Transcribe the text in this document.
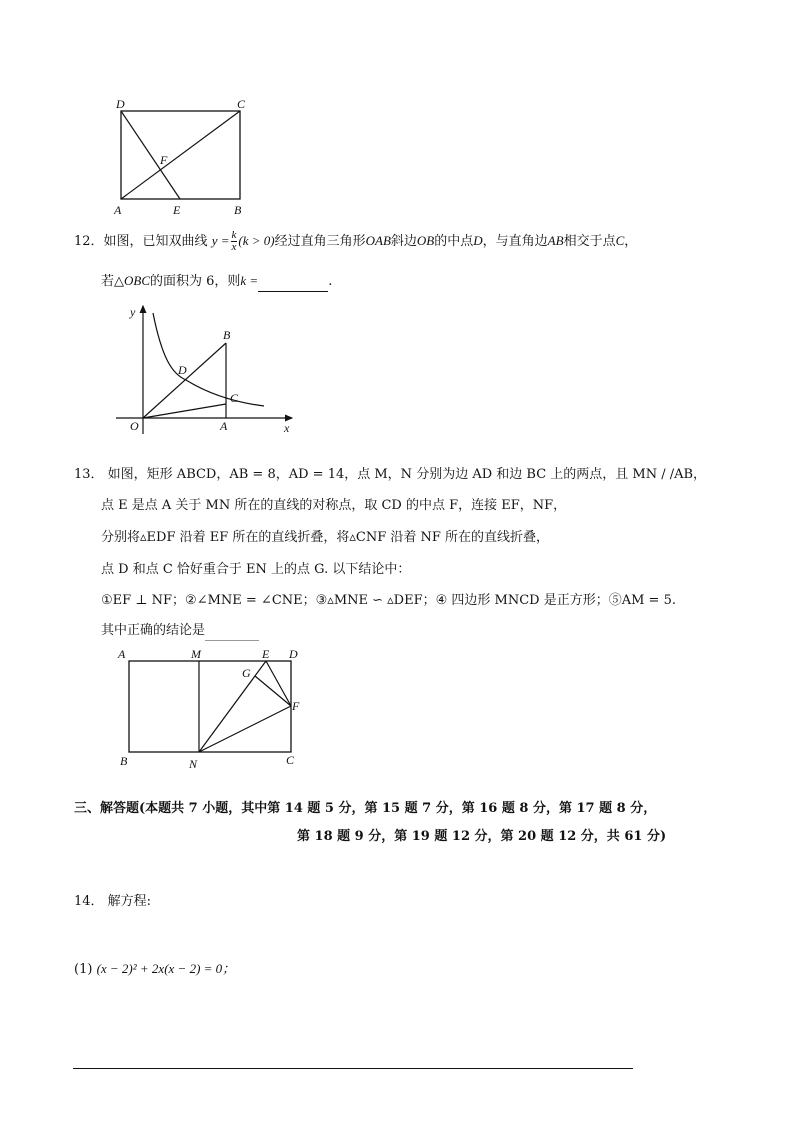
D	C
F
A	E	B
12．如图，已知双曲线 $y = \frac{k}{x} (k > 0)$经过直角三角形OAB斜边OB的中点D，与直角边AB相交于点C，
若△OBC的面积为 6，则k =	.
y
x
O	A
B
C
D
13． 如图，矩形 ABCD，AB = 8，AD = 14，点 M，N 分别为边 AD 和边 BC 上的两点，且 MN / /AB，
点 E 是点 A 关于 MN 所在的直线的对称点，取 CD 的中点 F，连接 EF，NF，
分别将▵EDF 沿着 EF 所在的直线折叠，将▵CNF 沿着 NF 所在的直线折叠，
点 D 和点 C 恰好重合于 EN 上的点 G. 以下结论中：
①EF ⊥ NF；②∠MNE = ∠CNE；③▵MNE ∽ ▵DEF；④ 四边形 MNCD 是正方形；⑤AM = 5.
其中正确的结论是
A	M	E D
G
F
B	N	C
三、解答题(本题共 7 小题，其中第 14 题 5 分，第 15 题 7 分，第 16 题 8 分，第 17 题 8 分，
第 18 题 9 分，第 19 题 12 分，第 20 题 12 分，共 61 分)
14． 解方程:
(1) (x − 2)² + 2x(x − 2) = 0；
